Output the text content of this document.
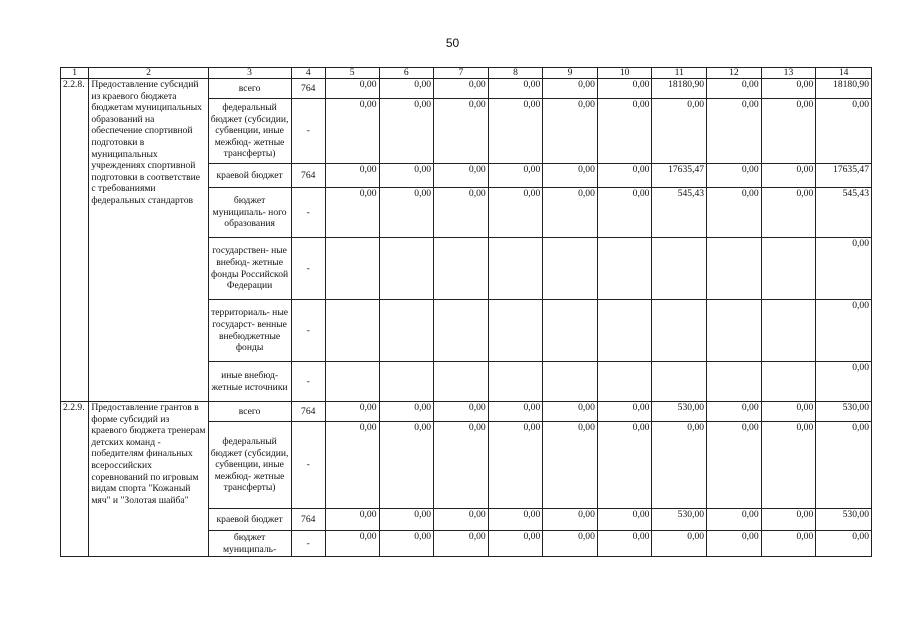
50
1	2	3	4	5	6	7	8	9	10	11	12	13	14
2.2.8.	Предоставление субсидий из краевого бюджета бюджетам муниципальных образований на обеспечение спортивной подготовки в муниципальных учреждениях спортивной подготовки в соответствие с требованиями федеральных стандартов	всего	764	0,00	0,00	0,00	0,00	0,00	0,00	18180,90	0,00	0,00	18180,90
		федеральный бюджет (субсидии, субвенции, иные межбюд- жетные трансферты)	-	0,00	0,00	0,00	0,00	0,00	0,00	0,00	0,00	0,00	0,00
		краевой бюджет	764	0,00	0,00	0,00	0,00	0,00	0,00	17635,47	0,00	0,00	17635,47
		бюджет муниципаль- ного образования	-	0,00	0,00	0,00	0,00	0,00	0,00	545,43	0,00	0,00	545,43
		государствен- ные внебюд- жетные фонды Российской Федерации	-										0,00
		территориаль- ные государст- венные внебюджетные фонды	-										0,00
		иные внебюд- жетные источники	-										0,00
2.2.9.	Предоставление грантов в форме субсидий из краевого бюджета тренерам детских команд - победителям финальных всероссийских соревнований по игровым видам спорта "Кожаный мяч" и "Золотая шайба"	всего	764	0,00	0,00	0,00	0,00	0,00	0,00	530,00	0,00	0,00	530,00
		федеральный бюджет (субсидии, субвенции, иные межбюд- жетные трансферты)	-	0,00	0,00	0,00	0,00	0,00	0,00	0,00	0,00	0,00	0,00
		краевой бюджет	764	0,00	0,00	0,00	0,00	0,00	0,00	530,00	0,00	0,00	530,00
		бюджет муниципаль-	-	0,00	0,00	0,00	0,00	0,00	0,00	0,00	0,00	0,00	0,00
